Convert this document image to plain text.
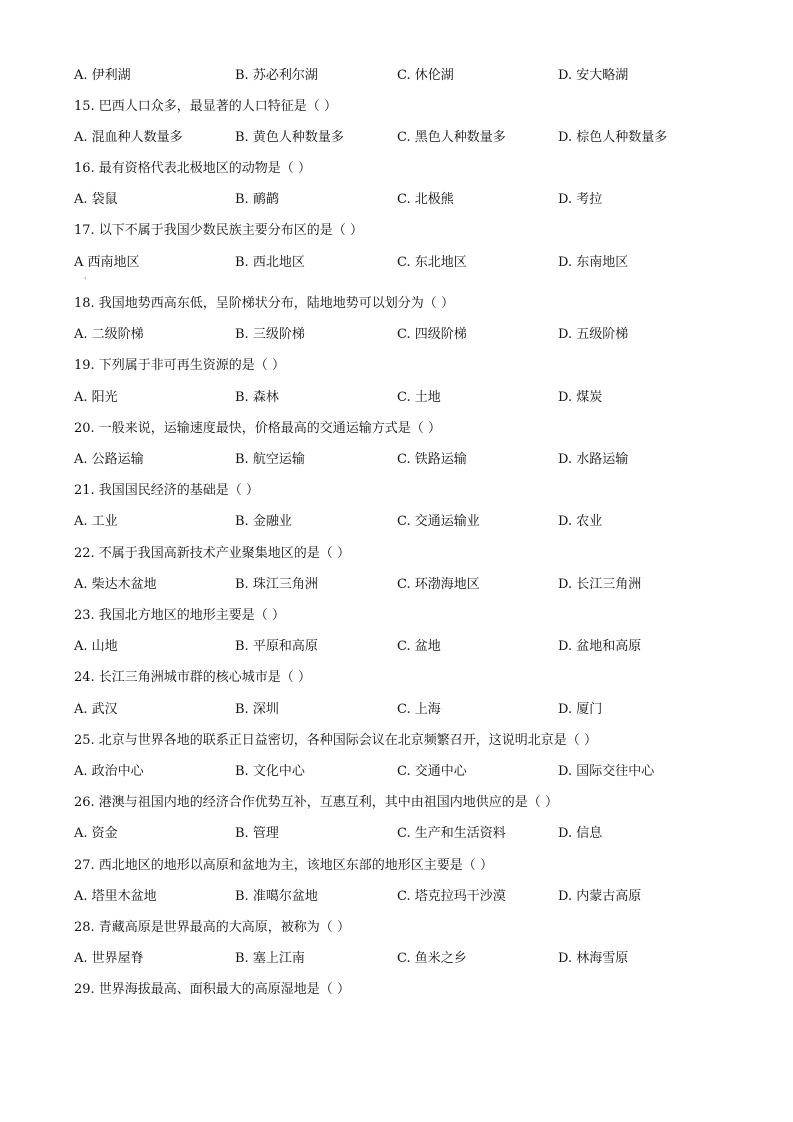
A. 伊利湖	B. 苏必利尔湖	C. 休伦湖	D. 安大略湖
15. 巴西人口众多，最显著的人口特征是（ ）
A. 混血种人数量多	B. 黄色人种数量多	C. 黑色人种数量多	D. 棕色人种数量多
16. 最有资格代表北极地区的动物是（ ）
A. 袋鼠	B. 鸸鹋	C. 北极熊	D. 考拉
17. 以下不属于我国少数民族主要分布区的是（ ）
A 西南地区	B. 西北地区	C. 东北地区	D. 东南地区
18. 我国地势西高东低，呈阶梯状分布，陆地地势可以划分为（ ）
A. 二级阶梯	B. 三级阶梯	C. 四级阶梯	D. 五级阶梯
19. 下列属于非可再生资源的是（ ）
A. 阳光	B. 森林	C. 土地	D. 煤炭
20. 一般来说，运输速度最快，价格最高的交通运输方式是（ ）
A. 公路运输	B. 航空运输	C. 铁路运输	D. 水路运输
21. 我国国民经济的基础是（ ）
A. 工业	B. 金融业	C. 交通运输业	D. 农业
22. 不属于我国高新技术产业聚集地区的是（ ）
A. 柴达木盆地	B. 珠江三角洲	C. 环渤海地区	D. 长江三角洲
23. 我国北方地区的地形主要是（ ）
A. 山地	B. 平原和高原	C. 盆地	D. 盆地和高原
24. 长江三角洲城市群的核心城市是（ ）
A. 武汉	B. 深圳	C. 上海	D. 厦门
25. 北京与世界各地的联系正日益密切，各种国际会议在北京频繁召开，这说明北京是（ ）
A. 政治中心	B. 文化中心	C. 交通中心	D. 国际交往中心
26. 港澳与祖国内地的经济合作优势互补，互惠互利，其中由祖国内地供应的是（ ）
A. 资金	B. 管理	C. 生产和生活资料	D. 信息
27. 西北地区的地形以高原和盆地为主，该地区东部的地形区主要是（ ）
A. 塔里木盆地	B. 准噶尔盆地	C. 塔克拉玛干沙漠	D. 内蒙古高原
28. 青藏高原是世界最高的大高原，被称为（ ）
A. 世界屋脊	B. 塞上江南	C. 鱼米之乡	D. 林海雪原
29. 世界海拔最高、面积最大的高原湿地是（ ）
·
